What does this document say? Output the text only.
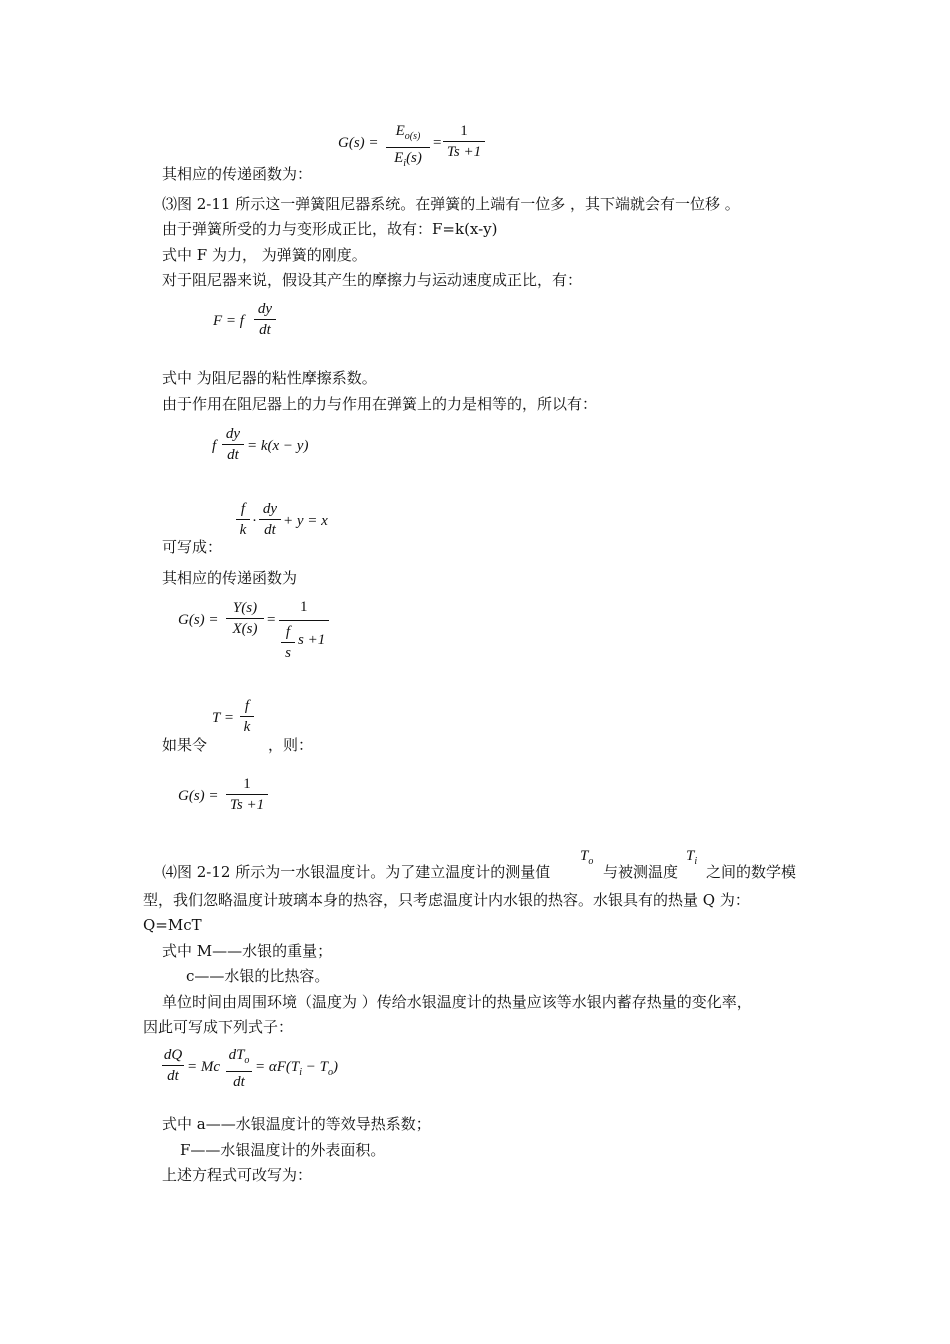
G(s) =
$E_{o(s)}$
$E_i(s)$
=
1
Ts +1
其相应的传递函数为：
⑶图 2-11 所示这一弹簧阻尼器系统。在弹簧的上端有一位多 ，其下端就会有一位移 。
由于弹簧所受的力与变形成正比，故有：F=k(x-y)
式中 F 为力， 为弹簧的刚度。
对于阻尼器来说，假设其产生的摩擦力与运动速度成正比，有：
F = f
dy
dt
式中 为阻尼器的粘性摩擦系数。
由于作用在阻尼器上的力与作用在弹簧上的力是相等的，所以有：
f
dy
dt
= k(x − y)
f
k
·
dy
dt
+ y = x
可写成：
其相应的传递函数为
G(s) =
Y(s)
X(s)
=
1
f
s
s +1
T =
f
k
如果令	，则：
G(s) =
1
Ts +1
⑷图 2-12 所示为一水银温度计。为了建立温度计的测量值
$T_o$
与被测温度
$T_i$
之间的数学模
型，我们忽略温度计玻璃本身的热容，只考虑温度计内水银的热容。水银具有的热量 Q 为：
Q=McT
式中 M——水银的重量；
c——水银的比热容。
单位时间由周围环境（温度为 ）传给水银温度计的热量应该等水银内蓄存热量的变化率，
因此可写成下列式子：
dQ
dt
= Mc
$dT_o$
dt
= $\alpha F(T_i - T_o)$
式中 a——水银温度计的等效导热系数；
F——水银温度计的外表面积。
上述方程式可改写为：
